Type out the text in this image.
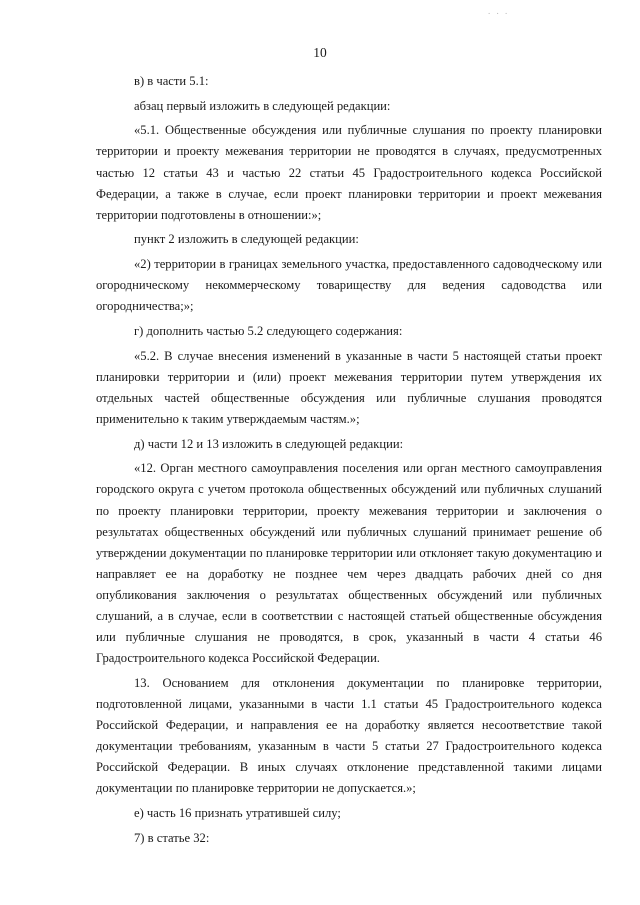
. . .
10

в) в части 5.1:

абзац первый изложить в следующей редакции:

«5.1. Общественные обсуждения или публичные слушания по проекту планировки территории и проекту межевания территории не проводятся в случаях, предусмотренных частью 12 статьи 43 и частью 22 статьи 45 Градостроительного кодекса Российской Федерации, а также в случае, если проект планировки территории и проект межевания территории подготовлены в отношении:»;

пункт 2 изложить в следующей редакции:

«2) территории в границах земельного участка, предоставленного садоводческому или огородническому некоммерческому товариществу для ведения садоводства или огородничества;»;

г) дополнить частью 5.2 следующего содержания:

«5.2. В случае внесения изменений в указанные в части 5 настоящей статьи проект планировки территории и (или) проект межевания территории путем утверждения их отдельных частей общественные обсуждения или публичные слушания проводятся применительно к таким утверждаемым частям.»;

д) части 12 и 13 изложить в следующей редакции:

«12. Орган местного самоуправления поселения или орган местного самоуправления городского округа с учетом протокола общественных обсуждений или публичных слушаний по проекту планировки территории, проекту межевания территории и заключения о результатах общественных обсуждений или публичных слушаний принимает решение об утверждении документации по планировке территории или отклоняет такую документацию и направляет ее на доработку не позднее чем через двадцать рабочих дней со дня опубликования заключения о результатах общественных обсуждений или публичных слушаний, а в случае, если в соответствии с настоящей статьей общественные обсуждения или публичные слушания не проводятся, в срок, указанный в части 4 статьи 46 Градостроительного кодекса Российской Федерации.

13. Основанием для отклонения документации по планировке территории, подготовленной лицами, указанными в части 1.1 статьи 45 Градостроительного кодекса Российской Федерации, и направления ее на доработку является несоответствие такой документации требованиям, указанным в части 5 статьи 27 Градостроительного кодекса Российской Федерации. В иных случаях отклонение представленной такими лицами документации по планировке территории не допускается.»;

е) часть 16 признать утратившей силу;

7) в статье 32:
